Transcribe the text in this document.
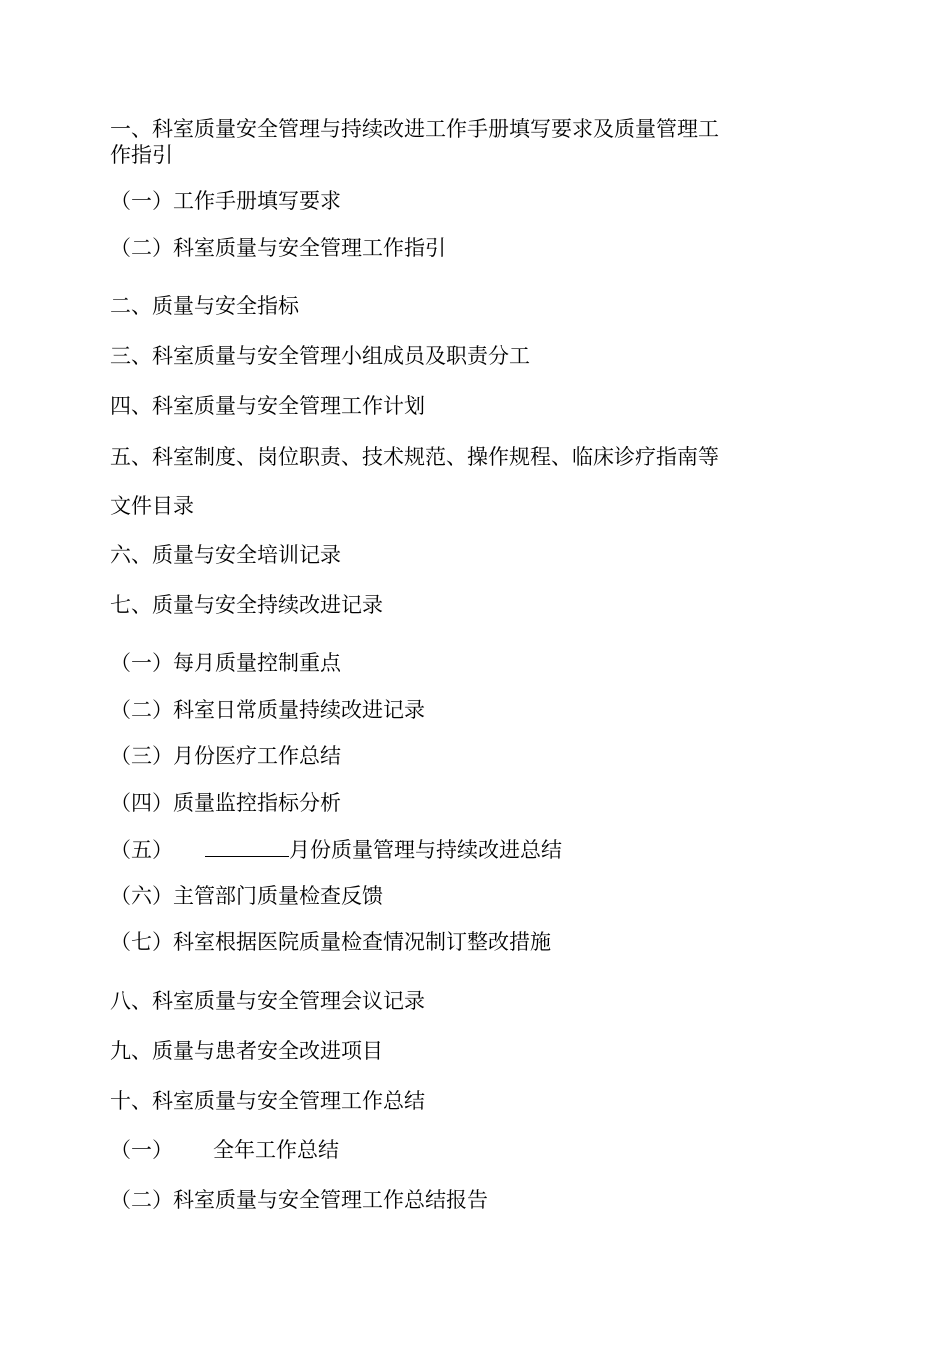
一、科室质量安全管理与持续改进工作手册填写要求及质量管理工
作指引
（一）工作手册填写要求
（二）科室质量与安全管理工作指引
二、质量与安全指标
三、科室质量与安全管理小组成员及职责分工
四、科室质量与安全管理工作计划
五、科室制度、岗位职责、技术规范、操作规程、临床诊疗指南等
文件目录
六、质量与安全培训记录
七、质量与安全持续改进记录
（一）每月质量控制重点
（二）科室日常质量持续改进记录
（三）月份医疗工作总结
（四）质量监控指标分析
（五）	月份质量管理与持续改进总结
（六）主管部门质量检查反馈
（七）科室根据医院质量检查情况制订整改措施
八、科室质量与安全管理会议记录
九、质量与患者安全改进项目
十、科室质量与安全管理工作总结
（一） 全年工作总结
（二）科室质量与安全管理工作总结报告
